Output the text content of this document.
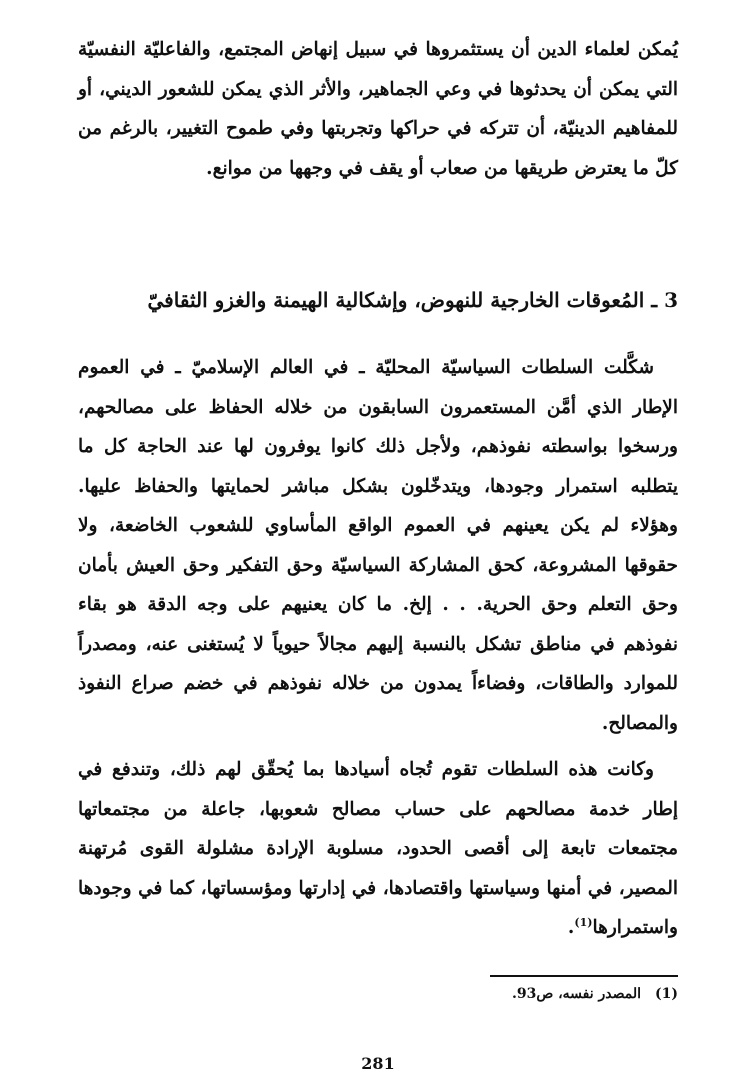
يُمكن لعلماء الدين أن يستثمروها في سبيل إنهاض المجتمع، والفاعليّة النفسيّة التي يمكن أن يحدثوها في وعي الجماهير، والأثر الذي يمكن للشعور الديني، أو للمفاهيم الدينيّة، أن تتركه في حراكها وتجربتها وفي طموح التغيير، بالرغم من كلّ ما يعترض طريقها من صعاب أو يقف في وجهها من موانع.

3 ـ المُعوقات الخارجية للنهوض، وإشكالية الهيمنة والغزو الثقافيّ

شكَّلت السلطات السياسيّة المحليّة ـ في العالم الإسلاميّ ـ في العموم الإطار الذي أمَّن المستعمرون السابقون من خلاله الحفاظ على مصالحهم، ورسخوا بواسطته نفوذهم، ولأجل ذلك كانوا يوفرون لها عند الحاجة كل ما يتطلبه استمرار وجودها، ويتدخّلون بشكل مباشر لحمايتها والحفاظ عليها. وهؤلاء لم يكن يعينهم في العموم الواقع المأساوي للشعوب الخاضعة، ولا حقوقها المشروعة، كحق المشاركة السياسيّة وحق التفكير وحق العيش بأمان وحق التعلم وحق الحرية. . . إلخ. ما كان يعنيهم على وجه الدقة هو بقاء نفوذهم في مناطق تشكل بالنسبة إليهم مجالاً حيوياً لا يُستغنى عنه، ومصدراً للموارد والطاقات، وفضاءاً يمدون من خلاله نفوذهم في خضم صراع النفوذ والمصالح.

وكانت هذه السلطات تقوم تُجاه أسيادها بما يُحقّق لهم ذلك، وتندفع في إطار خدمة مصالحهم على حساب مصالح شعوبها، جاعلة من مجتمعاتها مجتمعات تابعة إلى أقصى الحدود، مسلوبة الإرادة مشلولة القوى مُرتهنة المصير، في أمنها وسياستها واقتصادها، في إدارتها ومؤسساتها، كما في وجودها واستمرارها$^{(1)}$.

(1)المصدر نفسه، ص93.

281
